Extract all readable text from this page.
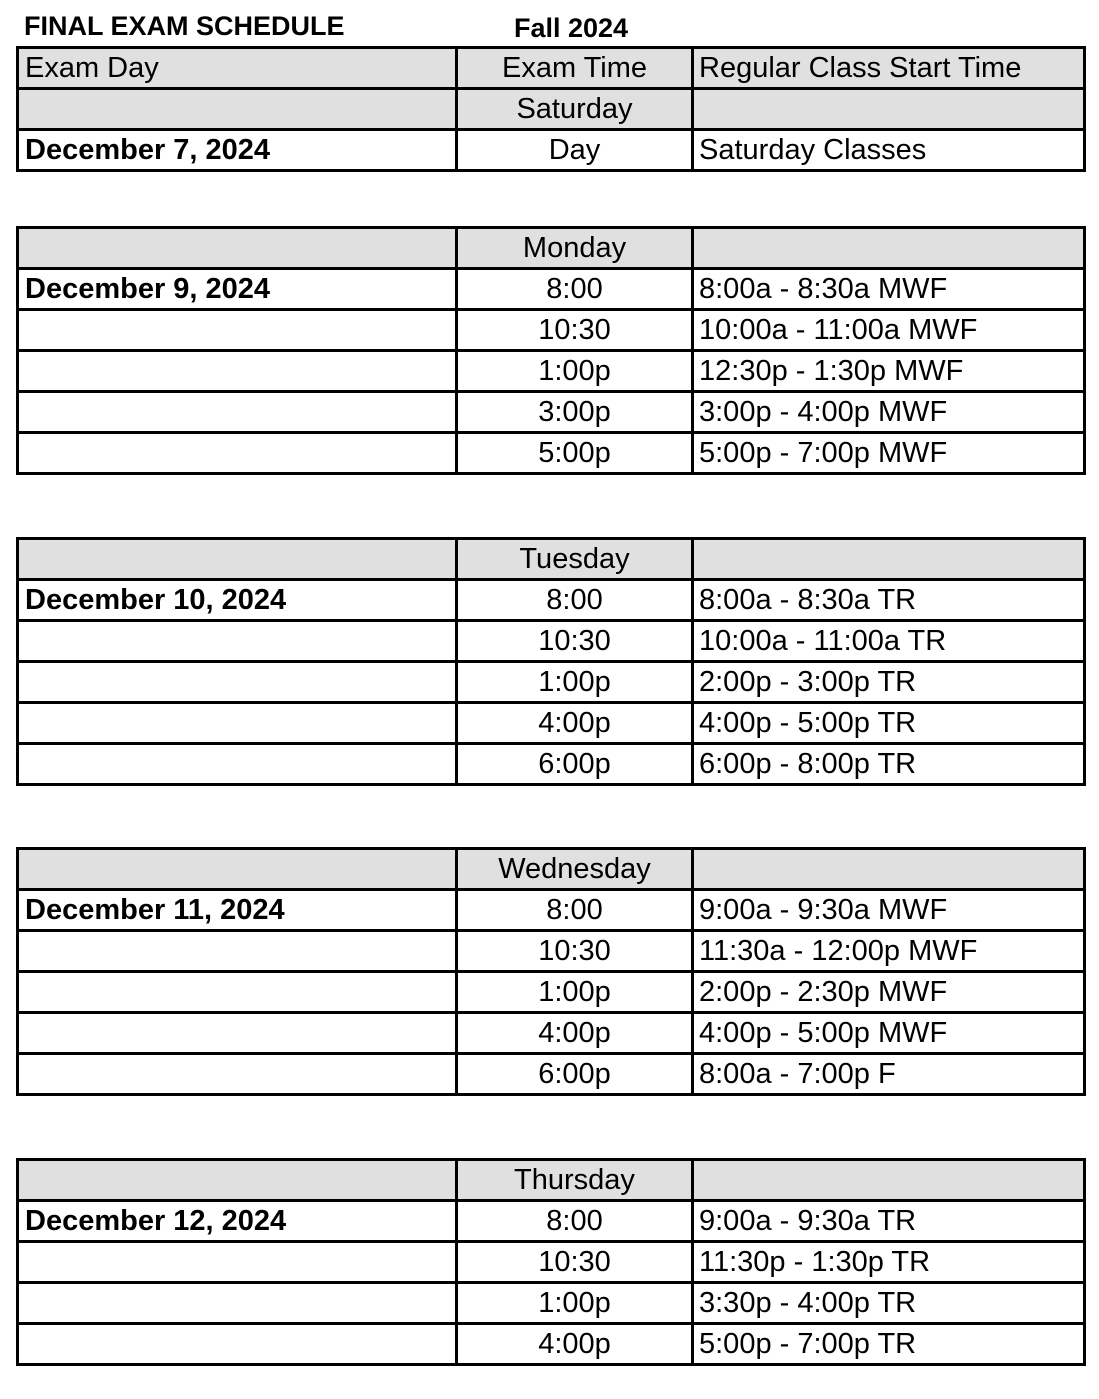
FINAL EXAM SCHEDULE	Fall 2024
Exam Day	Exam Time	Regular Class Start Time
	Saturday	
December 7, 2024	Day	Saturday Classes
	Monday	
December 9, 2024	8:00	8:00a - 8:30a MWF
	10:30	10:00a - 11:00a MWF
	1:00p	12:30p - 1:30p MWF
	3:00p	3:00p - 4:00p MWF
	5:00p	5:00p - 7:00p MWF
	Tuesday	
December 10, 2024	8:00	8:00a - 8:30a TR
	10:30	10:00a - 11:00a TR
	1:00p	2:00p - 3:00p TR
	4:00p	4:00p - 5:00p TR
	6:00p	6:00p - 8:00p TR
	Wednesday	
December 11, 2024	8:00	9:00a - 9:30a MWF
	10:30	11:30a - 12:00p MWF
	1:00p	2:00p - 2:30p MWF
	4:00p	4:00p - 5:00p MWF
	6:00p	8:00a - 7:00p F
	Thursday	
December 12, 2024	8:00	9:00a - 9:30a TR
	10:30	11:30p - 1:30p TR
	1:00p	3:30p - 4:00p TR
	4:00p	5:00p - 7:00p TR
